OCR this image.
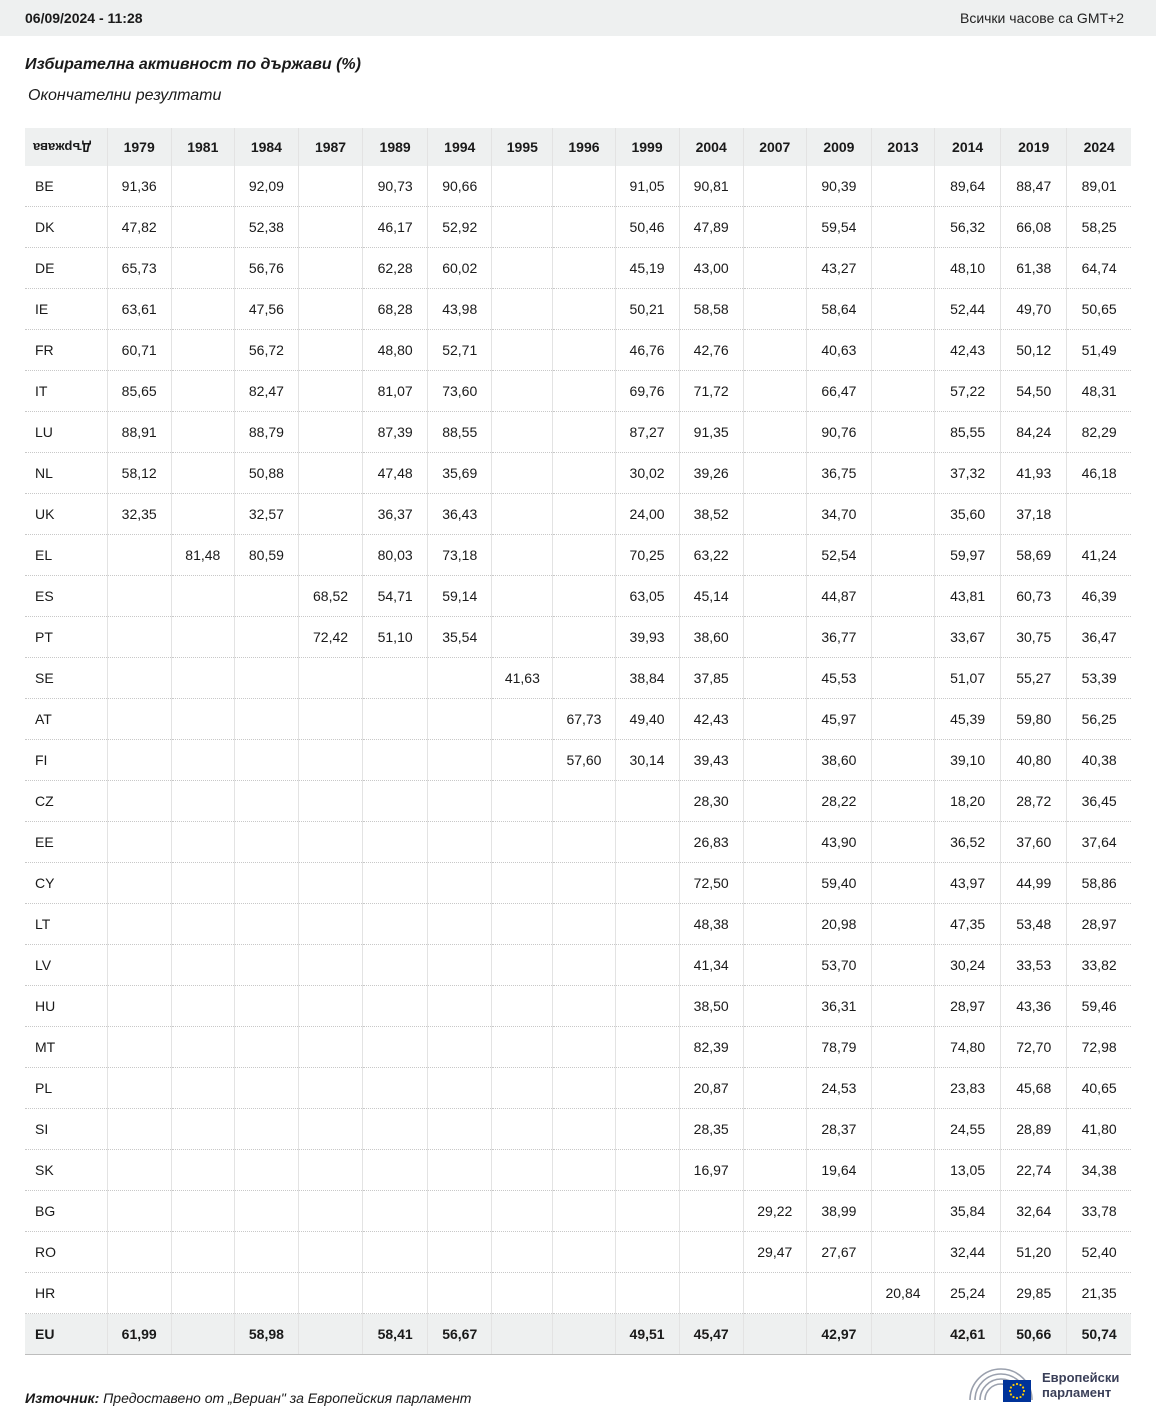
06/09/2024 - 11:28	Всички часове са GMT+2
Избирателна активност по държави (%)
Окончателни резултати
Държава	1979	1981	1984	1987	1989	1994	1995	1996	1999	2004	2007	2009	2013	2014	2019	2024
BE	91,36		92,09		90,73	90,66			91,05	90,81		90,39		89,64	88,47	89,01
DK	47,82		52,38		46,17	52,92			50,46	47,89		59,54		56,32	66,08	58,25
DE	65,73		56,76		62,28	60,02			45,19	43,00		43,27		48,10	61,38	64,74
IE	63,61		47,56		68,28	43,98			50,21	58,58		58,64		52,44	49,70	50,65
FR	60,71		56,72		48,80	52,71			46,76	42,76		40,63		42,43	50,12	51,49
IT	85,65		82,47		81,07	73,60			69,76	71,72		66,47		57,22	54,50	48,31
LU	88,91		88,79		87,39	88,55			87,27	91,35		90,76		85,55	84,24	82,29
NL	58,12		50,88		47,48	35,69			30,02	39,26		36,75		37,32	41,93	46,18
UK	32,35		32,57		36,37	36,43			24,00	38,52		34,70		35,60	37,18	
EL		81,48	80,59		80,03	73,18			70,25	63,22		52,54		59,97	58,69	41,24
ES				68,52	54,71	59,14			63,05	45,14		44,87		43,81	60,73	46,39
PT				72,42	51,10	35,54			39,93	38,60		36,77		33,67	30,75	36,47
SE							41,63		38,84	37,85		45,53		51,07	55,27	53,39
AT								67,73	49,40	42,43		45,97		45,39	59,80	56,25
FI								57,60	30,14	39,43		38,60		39,10	40,80	40,38
CZ										28,30		28,22		18,20	28,72	36,45
EE										26,83		43,90		36,52	37,60	37,64
CY										72,50		59,40		43,97	44,99	58,86
LT										48,38		20,98		47,35	53,48	28,97
LV										41,34		53,70		30,24	33,53	33,82
HU										38,50		36,31		28,97	43,36	59,46
MT										82,39		78,79		74,80	72,70	72,98
PL										20,87		24,53		23,83	45,68	40,65
SI										28,35		28,37		24,55	28,89	41,80
SK										16,97		19,64		13,05	22,74	34,38
BG											29,22	38,99		35,84	32,64	33,78
RO											29,47	27,67		32,44	51,20	52,40
HR													20,84	25,24	29,85	21,35
EU	61,99		58,98		58,41	56,67			49,51	45,47		42,97		42,61	50,66	50,74
Източник: Предоставено от „Вериан" за Европейския парламент
Европейски
парламент
